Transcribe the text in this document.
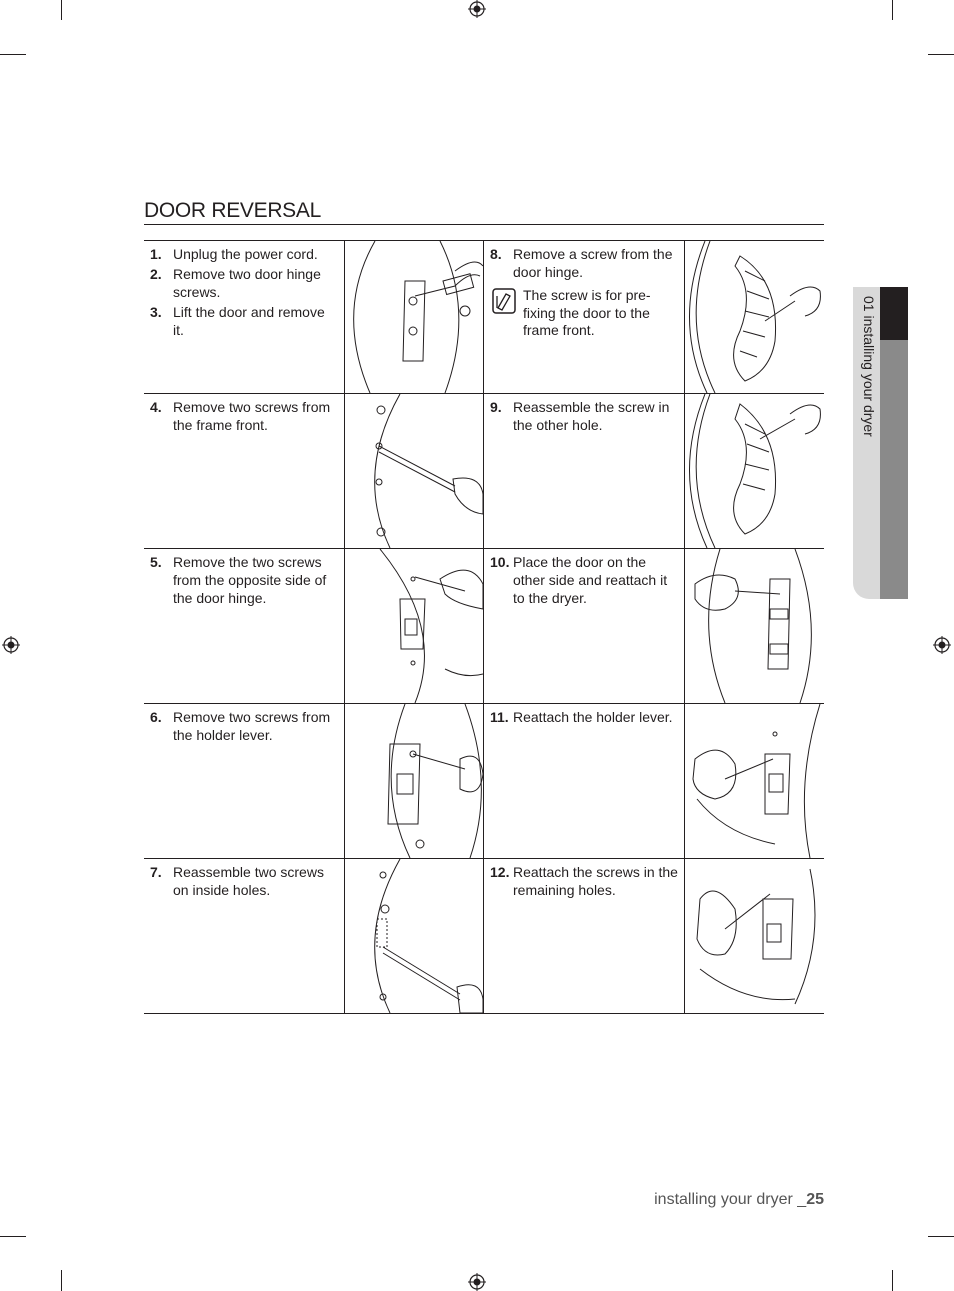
DOOR REVERSAL
01 installing your dryer
1. Unplug the power cord.
2. Remove two door hinge screws.
3. Lift the door and remove it.
8. Remove a screw from the door hinge.
The screw is for pre-fixing the door to the frame front.
4. Remove two screws from the frame front.
9. Reassemble the screw in the other hole.
5. Remove the two screws from the opposite side of the door hinge.
10. Place the door on the other side and reattach it to the dryer.
6. Remove two screws from the holder lever.
11. Reattach the holder lever.
7. Reassemble two screws on inside holes.
12. Reattach the screws in the remaining holes.
installing your dryer _25
